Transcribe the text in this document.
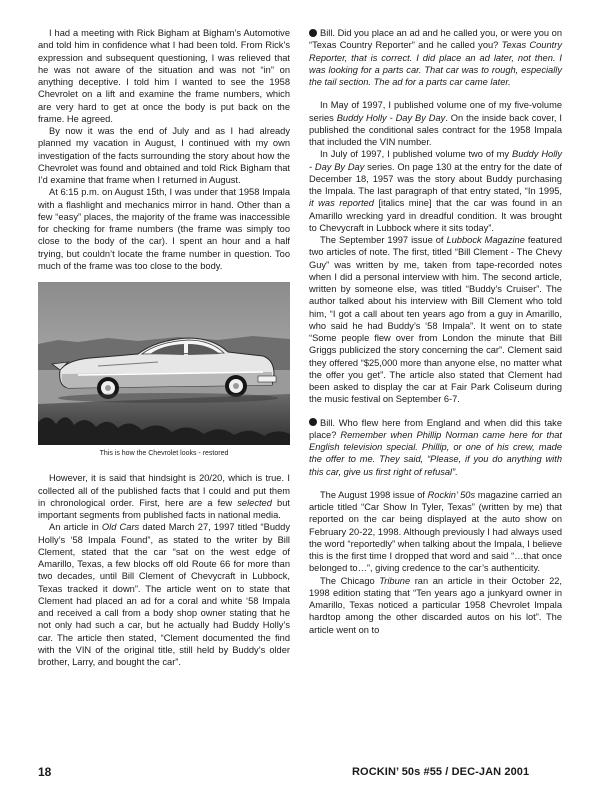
I had a meeting with Rick Bigham at Bigham’s Automotive and told him in confidence what I had been told. From Rick’s expression and subsequent questioning, I was relieved that he was not aware of the situation and was not “in” on anything deceptive. I told him I wanted to see the 1958 Chevrolet on a lift and examine the frame numbers, which are very hard to get at once the body is put back on the frame. He agreed.

By now it was the end of July and as I had already planned my vacation in August, I continued with my own investigation of the facts surrounding the story about how the Chevrolet was found and obtained and told Rick Bigham that I’d examine that frame when I returned in August.

At 6:15 p.m. on August 15th, I was under that 1958 Impala with a flashlight and mechanics mirror in hand. Other than a few “easy” places, the majority of the frame was inaccessible for checking for frame numbers (the frame was simply too close to the body of the car). I spent an hour and a half trying, but couldn’t locate the frame number in question. Too much of the frame was too close to the body.

This is how the Chevrolet looks - restored

However, it is said that hindsight is 20/20, which is true. I collected all of the published facts that I could and put them in chronological order. First, here are a few selected but important segments from published facts in national media.

An article in Old Cars dated March 27, 1997 titled “Buddy Holly’s ‘58 Impala Found”, as stated to the writer by Bill Clement, stated that the car “sat on the west edge of Amarillo, Texas, a few blocks off old Route 66 for more than two decades, until Bill Clement of Chevycraft in Lubbock, Texas tracked it down”. The article went on to state that Clement had placed an ad for a coral and white ‘58 Impala and received a call from a body shop owner stating that he not only had such a car, but he actually had Buddy Holly’s car. The article then stated, “Clement documented the find with the VIN of the original title, still held by Buddy’s older brother, Larry, and bought the car”.

Bill. Did you place an ad and he called you, or were you on “Texas Country Reporter” and he called you? Texas Country Reporter, that is correct. I did place an ad later, not then. I was looking for a parts car. That car was to rough, especially the tail section. The ad for a parts car came later.

In May of 1997, I published volume one of my five-volume series Buddy Holly - Day By Day. On the inside back cover, I published the conditional sales contract for the 1958 Impala that included the VIN number.

In July of 1997, I published volume two of my Buddy Holly - Day By Day series. On page 130 at the entry for the date of December 18, 1957 was the story about Buddy purchasing the Impala. The last paragraph of that entry stated, “In 1995, it was reported [italics mine] that the car was found in an Amarillo wrecking yard in dreadful condition. It was brought to Chevycraft in Lubbock where it sits today”.

The September 1997 issue of Lubbock Magazine featured two articles of note. The first, titled “Bill Clement - The Chevy Guy” was written by me, taken from tape-recorded notes when I did a personal interview with him. The second article, written by someone else, was titled “Buddy’s Cruiser”. The author talked about his interview with Bill Clement who told him, “I got a call about ten years ago from a guy in Amarillo, who said he had Buddy’s ‘58 Impala”. It went on to state “Some people flew over from London the minute that Bill Griggs publicized the story concerning the car”. Clement said they offered “$25,000 more than anyone else, no matter what the offer you get”. The article also stated that Clement had been asked to display the car at Fair Park Coliseum during the music festival on September 6-7.

Bill. Who flew here from England and when did this take place? Remember when Phillip Norman came here for that English television special. Phillip, or one of his crew, made the offer to me. They said, “Please, if you do anything with this car, give us first right of refusal”.

The August 1998 issue of Rockin’ 50s magazine carried an article titled “Car Show In Tyler, Texas” (written by me) that reported on the car being displayed at the auto show on February 20-22, 1998. Although previously I had always used the word “reportedly” when talking about the Impala, I believe this is the first time I dropped that word and said “…that once belonged to…”, giving credence to the car’s authenticity.

The Chicago Tribune ran an article in their October 22, 1998 edition stating that “Ten years ago a junkyard owner in Amarillo, Texas noticed a particular 1958 Chevrolet Impala hardtop among the other discarded autos on his lot”. The article went on to

18	ROCKIN’ 50s #55 / DEC-JAN 2001
